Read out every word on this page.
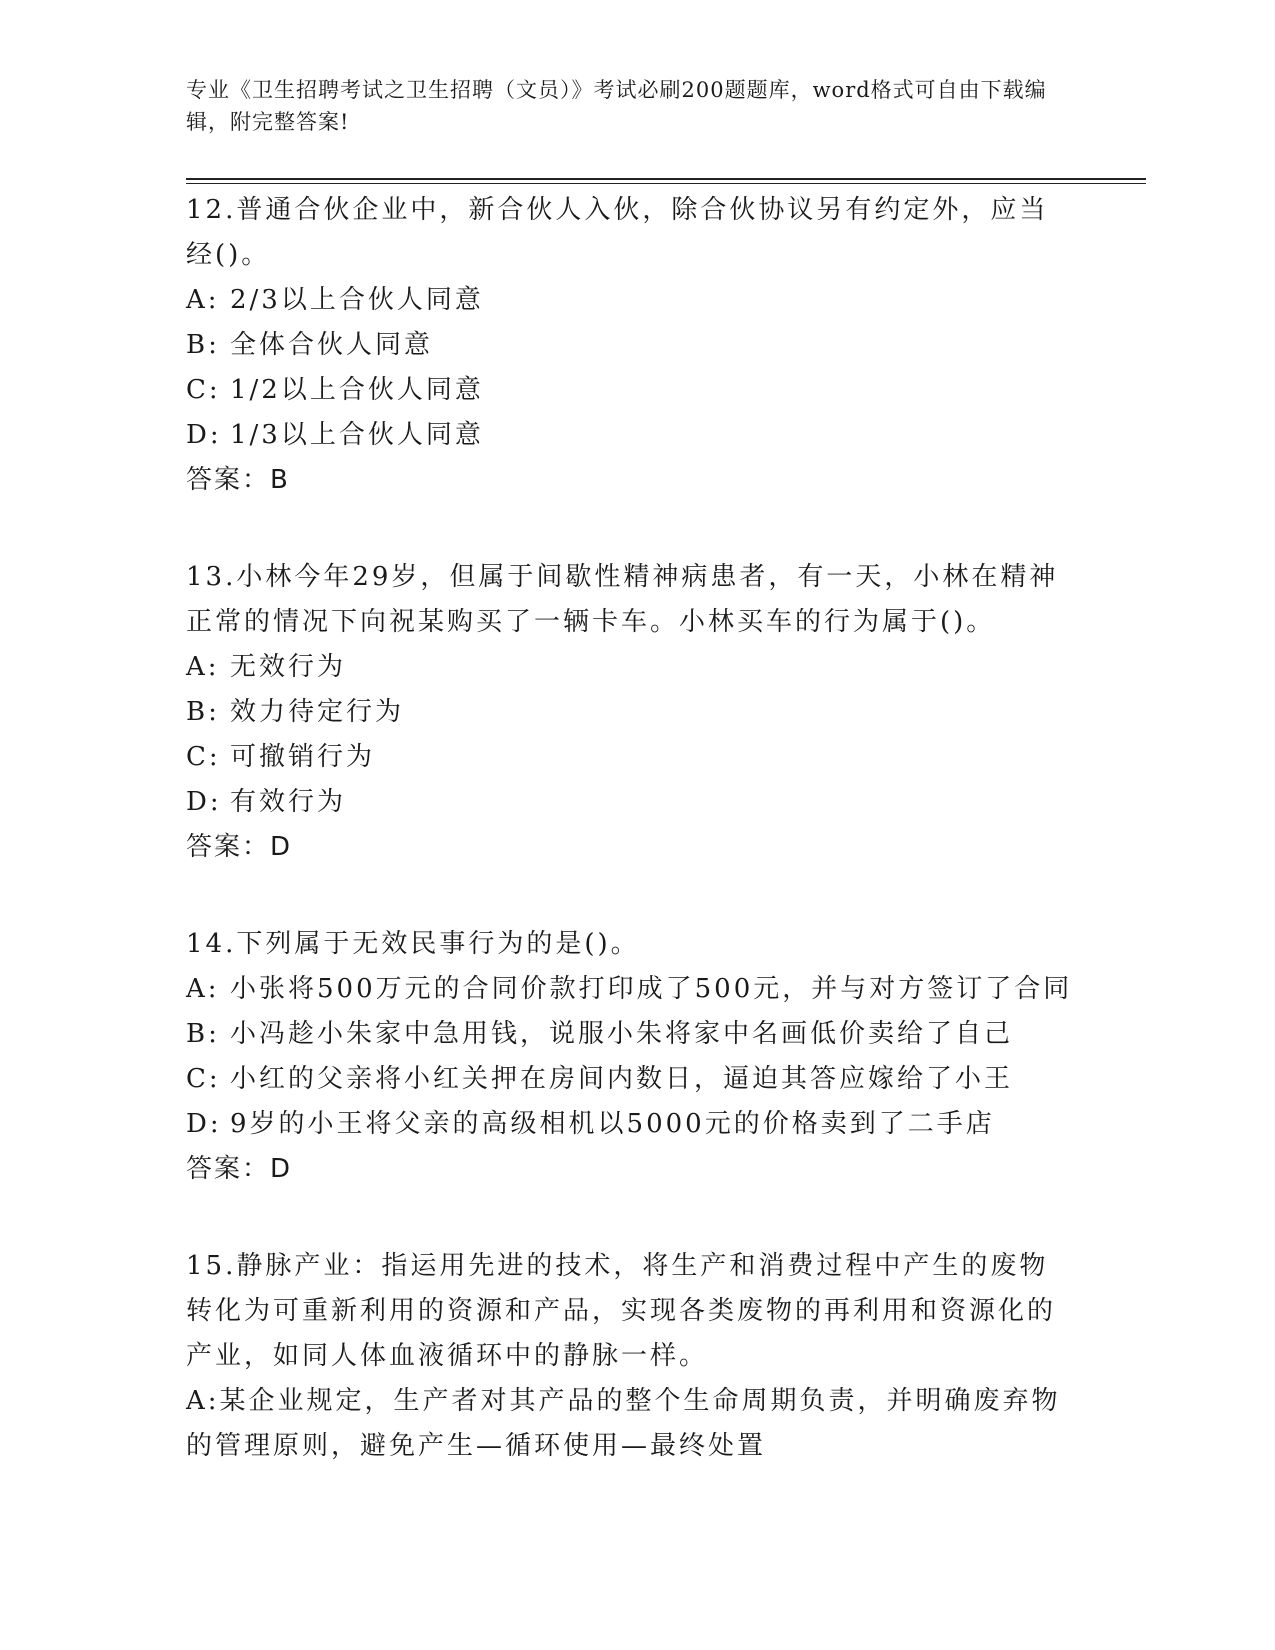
专业《卫生招聘考试之卫生招聘（文员）》考试必刷200题题库，word格式可自由下载编辑，附完整答案!

12.普通合伙企业中，新合伙人入伙，除合伙协议另有约定外，应当经()。

A: 2/3以上合伙人同意

B: 全体合伙人同意

C: 1/2以上合伙人同意

D: 1/3以上合伙人同意

答案：B

13.小林今年29岁，但属于间歇性精神病患者，有一天，小林在精神正常的情况下向祝某购买了一辆卡车。小林买车的行为属于()。

A: 无效行为

B: 效力待定行为

C: 可撤销行为

D: 有效行为

答案：D

14.下列属于无效民事行为的是()。

A: 小张将500万元的合同价款打印成了500元，并与对方签订了合同

B: 小冯趁小朱家中急用钱，说服小朱将家中名画低价卖给了自己

C: 小红的父亲将小红关押在房间内数日，逼迫其答应嫁给了小王

D: 9岁的小王将父亲的高级相机以5000元的价格卖到了二手店

答案：D

15.静脉产业：指运用先进的技术，将生产和消费过程中产生的废物转化为可重新利用的资源和产品，实现各类废物的再利用和资源化的产业，如同人体血液循环中的静脉一样。

A:某企业规定，生产者对其产品的整个生命周期负责，并明确废弃物的管理原则，避免产生—循环使用—最终处置
